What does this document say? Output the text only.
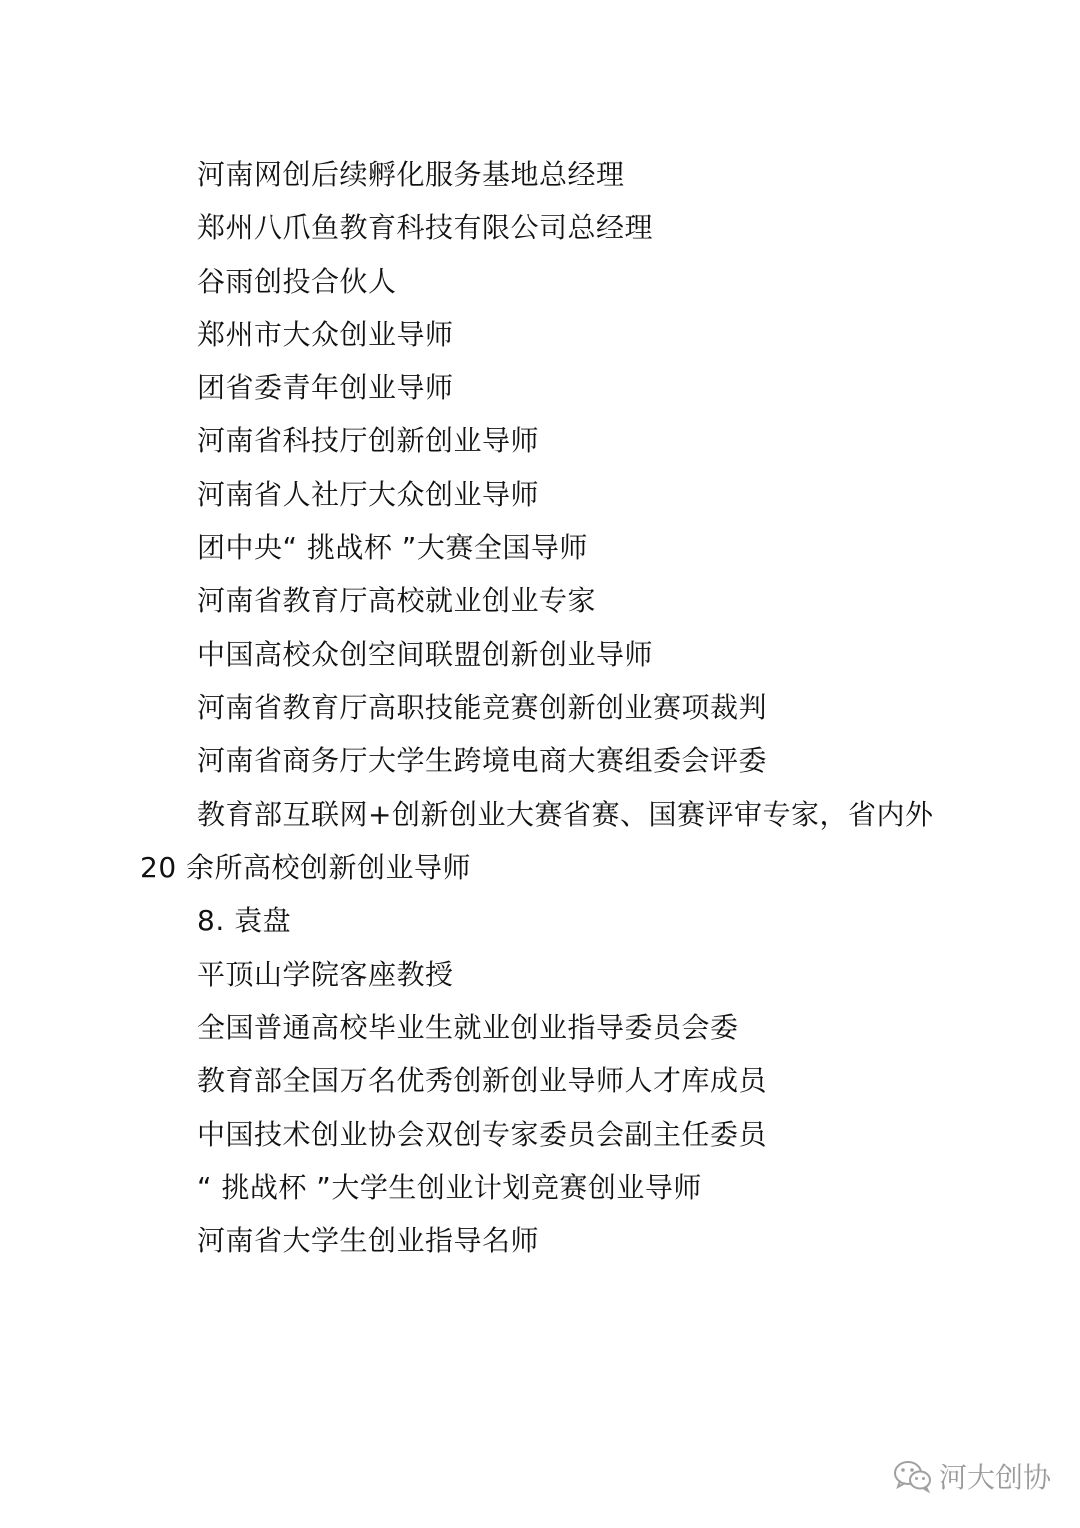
河南网创后续孵化服务基地总经理
郑州八爪鱼教育科技有限公司总经理
谷雨创投合伙人
郑州市大众创业导师
团省委青年创业导师
河南省科技厅创新创业导师
河南省人社厅大众创业导师
团中央“ 挑战杯 ”大赛全国导师
河南省教育厅高校就业创业专家
中国高校众创空间联盟创新创业导师
河南省教育厅高职技能竞赛创新创业赛项裁判
河南省商务厅大学生跨境电商大赛组委会评委
教育部互联网+创新创业大赛省赛、国赛评审专家，省内外
20 余所高校创新创业导师
8. 袁盘
平顶山学院客座教授
全国普通高校毕业生就业创业指导委员会委
教育部全国万名优秀创新创业导师人才库成员
中国技术创业协会双创专家委员会副主任委员
“ 挑战杯 ”大学生创业计划竞赛创业导师
河南省大学生创业指导名师
河大创协
